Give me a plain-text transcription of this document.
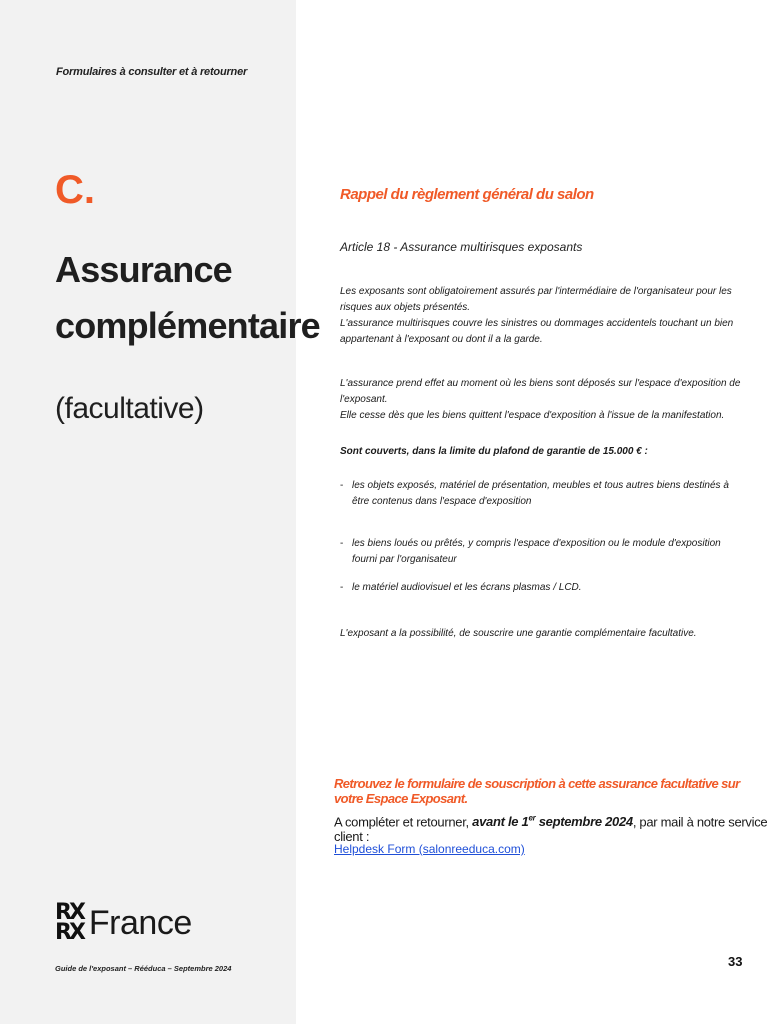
Formulaires à consulter et à retourner
C.
Assurance
complémentaire
(facultative)
RX
RX France
Guide de l'exposant – Rééduca – Septembre 2024
Rappel du règlement général du salon
Article 18 - Assurance multirisques exposants
Les exposants sont obligatoirement assurés par l'intermédiaire de l'organisateur pour les risques aux objets présentés.
L'assurance multirisques couvre les sinistres ou dommages accidentels touchant un bien appartenant à l'exposant ou dont il a la garde.
L'assurance prend effet au moment où les biens sont déposés sur l'espace d'exposition de l'exposant.
Elle cesse dès que les biens quittent l'espace d'exposition à l'issue de la manifestation.
Sont couverts, dans la limite du plafond de garantie de 15.000 € :
- les objets exposés, matériel de présentation, meubles et tous autres biens destinés à être contenus dans l'espace d'exposition
- les biens loués ou prêtés, y compris l'espace d'exposition ou le module d'exposition fourni par l'organisateur
- le matériel audiovisuel et les écrans plasmas / LCD.
L'exposant a la possibilité, de souscrire une garantie complémentaire facultative.
Retrouvez le formulaire de souscription à cette assurance facultative sur votre Espace Exposant.
A compléter et retourner, avant le 1er septembre 2024, par mail à notre service client :
Helpdesk Form (salonreeduca.com)
33
